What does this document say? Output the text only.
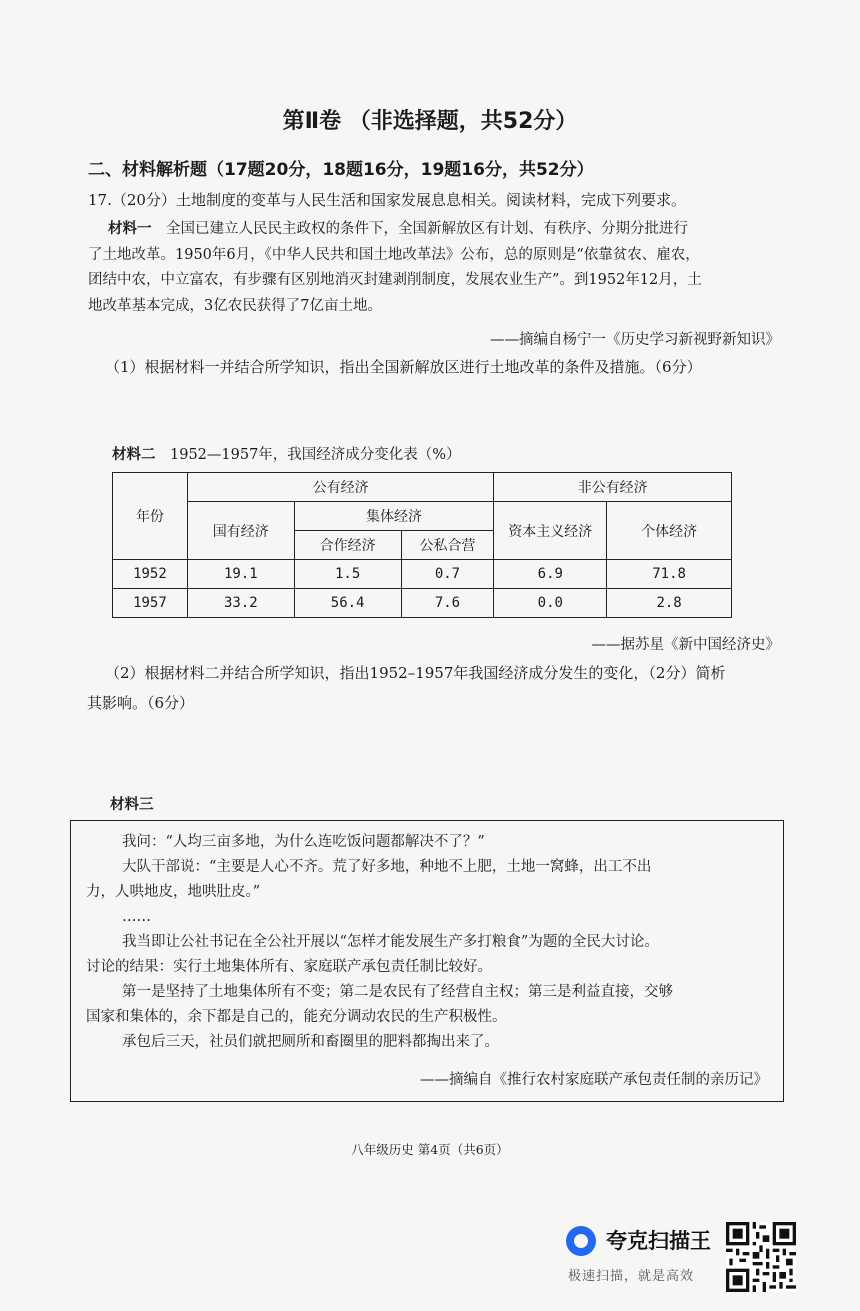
第Ⅱ卷 （非选择题，共52分）
二、材料解析题（17题20分，18题16分，19题16分，共52分）
17.（20分）土地制度的变革与人民生活和国家发展息息相关。阅读材料，完成下列要求。
材料一　 全国已建立人民民主政权的条件下，全国新解放区有计划、有秩序、分期分批进行
了土地改革。1950年6月，《中华人民共和国土地改革法》公布，总的原则是“依靠贫农、雇农，
团结中农，中立富农，有步骤有区别地消灭封建剥削制度，发展农业生产”。到1952年12月，土
地改革基本完成，3亿农民获得了7亿亩土地。
——摘编自杨宁一《历史学习新视野新知识》
（1）根据材料一并结合所学知识，指出全国新解放区进行土地改革的条件及措施。（6分）
材料二　 1952—1957年，我国经济成分变化表（%）
年份	公有经济			非公有经济	
	国有经济	集体经济		资本主义经济	个体经济
		合作经济	公私合营		
1952	19.1	1.5	0.7	6.9	71.8
1957	33.2	56.4	7.6	0.0	2.8
——据苏星《新中国经济史》
（2）根据材料二并结合所学知识，指出1952–1957年我国经济成分发生的变化，（2分）简析
其影响。（6分）
材料三
我问：“人均三亩多地，为什么连吃饭问题都解决不了？”
大队干部说：“主要是人心不齐。荒了好多地，种地不上肥，土地一窝蜂，出工不出
力，人哄地皮，地哄肚皮。”
……
我当即让公社书记在全公社开展以“怎样才能发展生产多打粮食”为题的全民大讨论。
讨论的结果：实行土地集体所有、家庭联产承包责任制比较好。
第一是坚持了土地集体所有不变；第二是农民有了经营自主权；第三是利益直接，交够
国家和集体的，余下都是自己的，能充分调动农民的生产积极性。
承包后三天，社员们就把厕所和畜圈里的肥料都掏出来了。
——摘编自《推行农村家庭联产承包责任制的亲历记》
八年级历史 第4页（共6页）
夸克扫描王
极速扫描，就是高效
